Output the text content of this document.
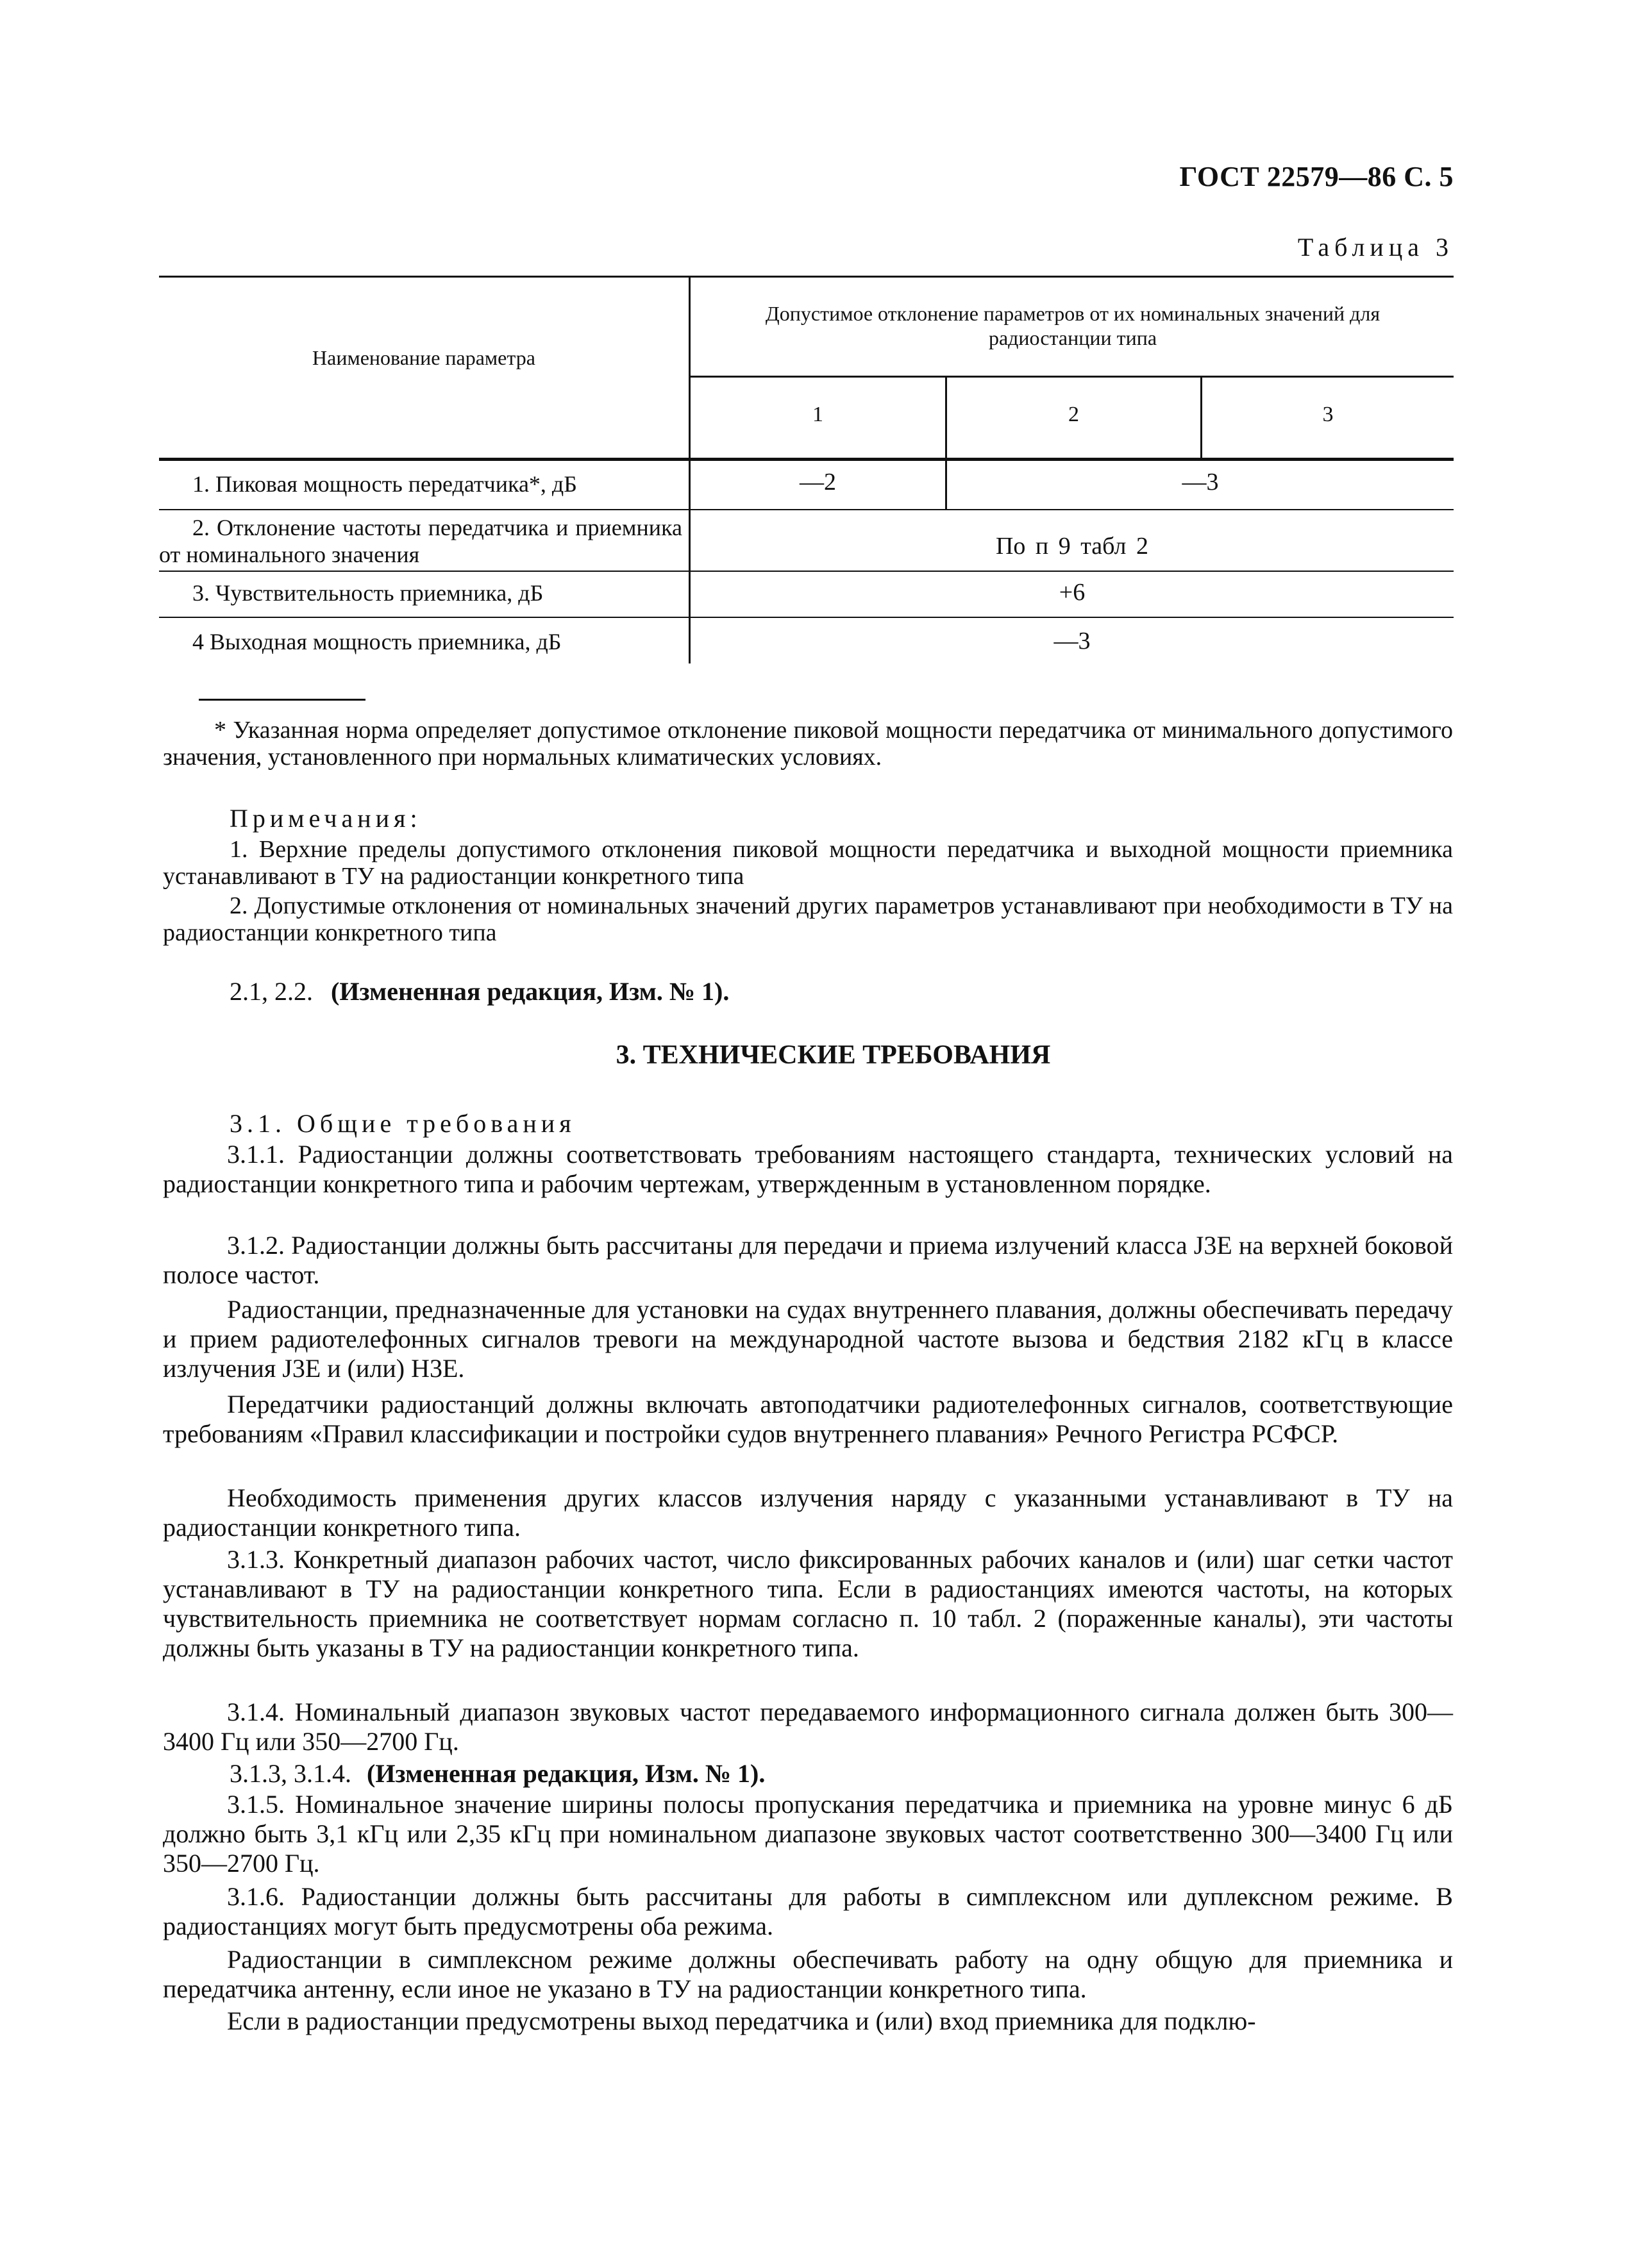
ГОСТ 22579—86 С. 5
Таблица 3
Наименование параметра
Допустимое отклонение параметров от их номинальных значений для радиостанции типа
1	2	3
1. Пиковая мощность передатчика*, дБ	—2	—3
2. Отклонение частоты передатчика и приемника от номинального значения	По п 9 табл 2
3. Чувствительность приемника, дБ	+6
4 Выходная мощность приемника, дБ	—3
* Указанная норма определяет допустимое отклонение пиковой мощности передатчика от минимального допустимого значения, установленного при нормальных климатических условиях.
Примечания:
1. Верхние пределы допустимого отклонения пиковой мощности передатчика и выходной мощности приемника устанавливают в ТУ на радиостанции конкретного типа
2. Допустимые отклонения от номинальных значений других параметров устанавливают при необходимости в ТУ на радиостанции конкретного типа
2.1, 2.2. (Измененная редакция, Изм. № 1).
3. ТЕХНИЧЕСКИЕ ТРЕБОВАНИЯ
3.1. Общие требования
3.1.1. Радиостанции должны соответствовать требованиям настоящего стандарта, технических условий на радиостанции конкретного типа и рабочим чертежам, утвержденным в установленном порядке.
3.1.2. Радиостанции должны быть рассчитаны для передачи и приема излучений класса J3E на верхней боковой полосе частот.
Радиостанции, предназначенные для установки на судах внутреннего плавания, должны обеспечивать передачу и прием радиотелефонных сигналов тревоги на международной частоте вызова и бедствия 2182 кГц в классе излучения J3E и (или) H3E.
Передатчики радиостанций должны включать автоподатчики радиотелефонных сигналов, соответствующие требованиям «Правил классификации и постройки судов внутреннего плавания» Речного Регистра РСФСР.
Необходимость применения других классов излучения наряду с указанными устанавливают в ТУ на радиостанции конкретного типа.
3.1.3. Конкретный диапазон рабочих частот, число фиксированных рабочих каналов и (или) шаг сетки частот устанавливают в ТУ на радиостанции конкретного типа. Если в радиостанциях имеются частоты, на которых чувствительность приемника не соответствует нормам согласно п. 10 табл. 2 (пораженные каналы), эти частоты должны быть указаны в ТУ на радиостанции конкретного типа.
3.1.4. Номинальный диапазон звуковых частот передаваемого информационного сигнала должен быть 300—3400 Гц или 350—2700 Гц.
3.1.3, 3.1.4. (Измененная редакция, Изм. № 1).
3.1.5. Номинальное значение ширины полосы пропускания передатчика и приемника на уровне минус 6 дБ должно быть 3,1 кГц или 2,35 кГц при номинальном диапазоне звуковых частот соответственно 300—3400 Гц или 350—2700 Гц.
3.1.6. Радиостанции должны быть рассчитаны для работы в симплексном или дуплексном режиме. В радиостанциях могут быть предусмотрены оба режима.
Радиостанции в симплексном режиме должны обеспечивать работу на одну общую для приемника и передатчика антенну, если иное не указано в ТУ на радиостанции конкретного типа.
Если в радиостанции предусмотрены выход передатчика и (или) вход приемника для подклю-
